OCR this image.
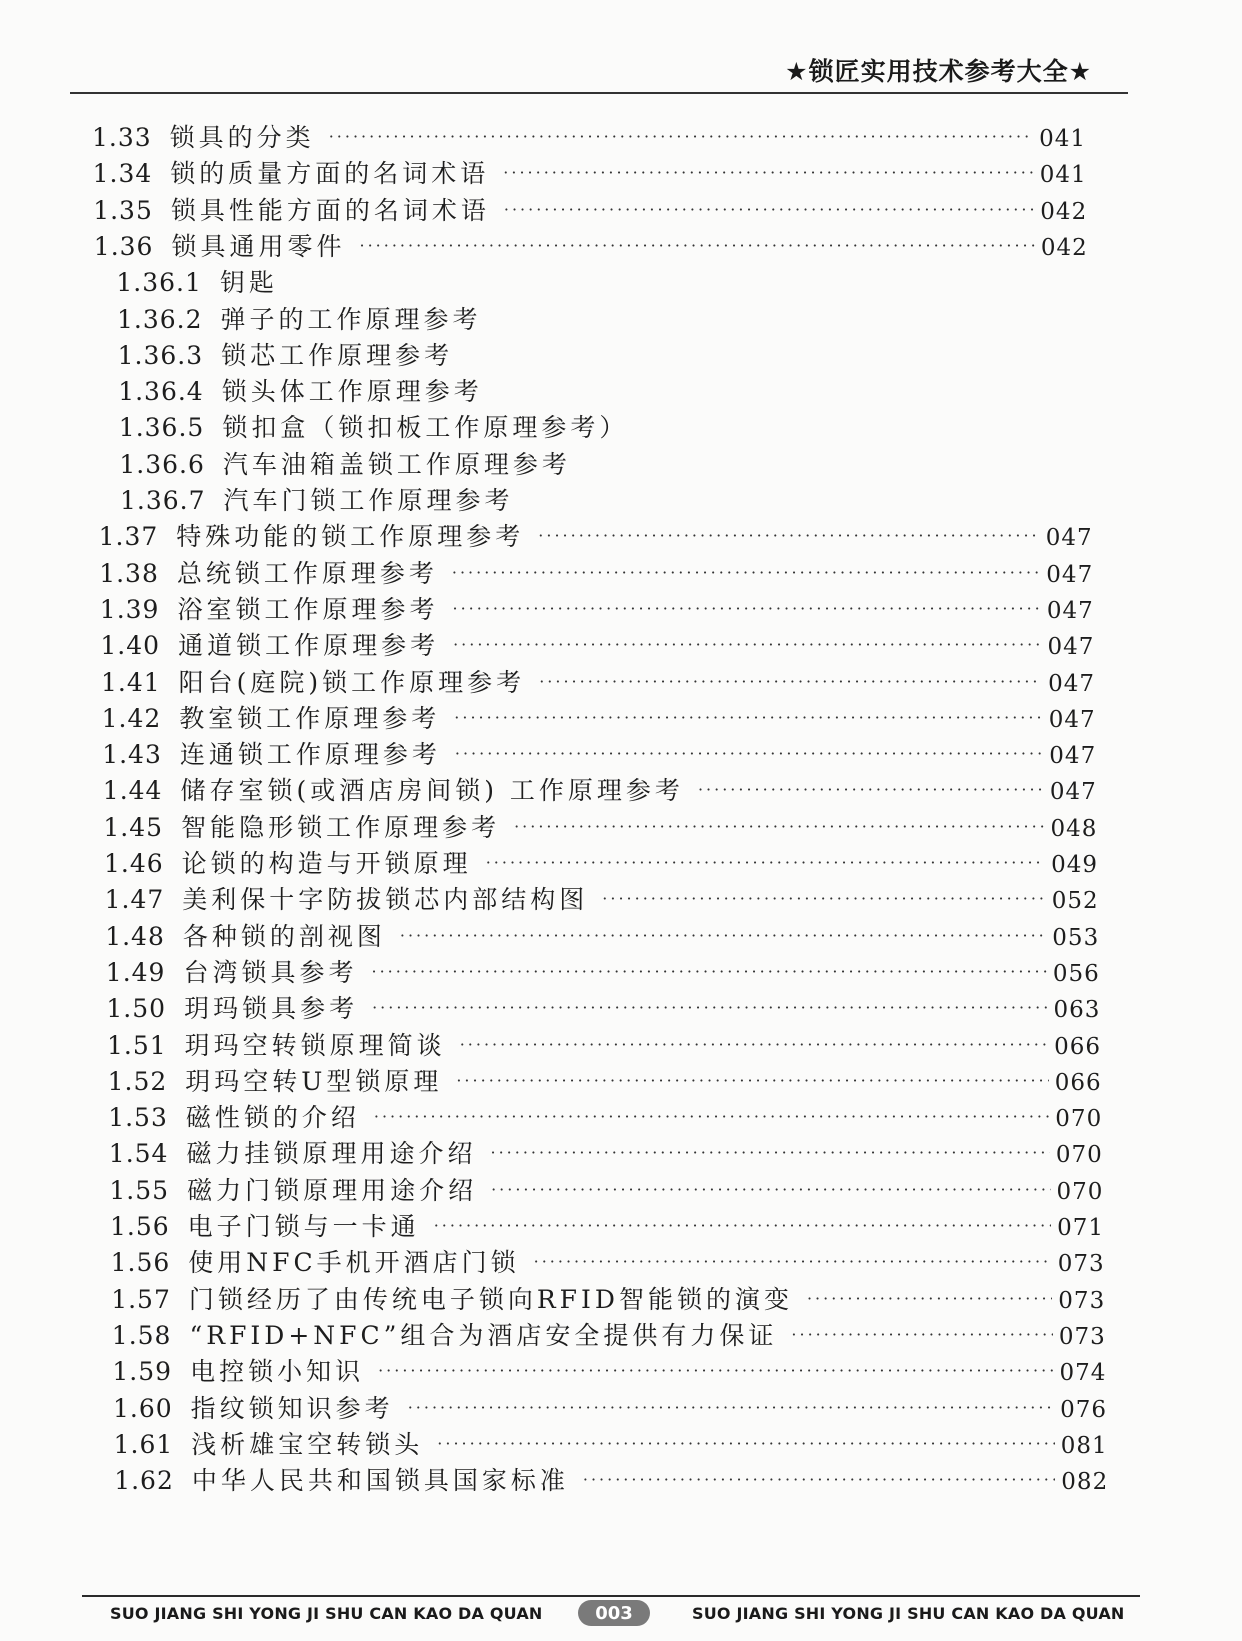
★锁匠实用技术参考大全★
1.33 锁具的分类 ·····	041
1.34 锁的质量方面的名词术语 ·····	041
1.35 锁具性能方面的名词术语 ·····	042
1.36 锁具通用零件 ·····	042
1.36.1 钥匙
1.36.2 弹子的工作原理参考
1.36.3 锁芯工作原理参考
1.36.4 锁头体工作原理参考
1.36.5 锁扣盒（锁扣板工作原理参考）
1.36.6 汽车油箱盖锁工作原理参考
1.36.7 汽车门锁工作原理参考
1.37 特殊功能的锁工作原理参考 ·····	047
1.38 总统锁工作原理参考 ·····	047
1.39 浴室锁工作原理参考 ·····	047
1.40 通道锁工作原理参考 ·····	047
1.41 阳台(庭院)锁工作原理参考 ·····	047
1.42 教室锁工作原理参考 ·····	047
1.43 连通锁工作原理参考 ·····	047
1.44 储存室锁(或酒店房间锁) 工作原理参考 ·····	047
1.45 智能隐形锁工作原理参考 ·····	048
1.46 论锁的构造与开锁原理 ·····	049
1.47 美利保十字防拔锁芯内部结构图 ·····	052
1.48 各种锁的剖视图 ·····	053
1.49 台湾锁具参考 ·····	056
1.50 玥玛锁具参考 ·····	063
1.51 玥玛空转锁原理简谈 ·····	066
1.52 玥玛空转U型锁原理 ·····	066
1.53 磁性锁的介绍 ·····	070
1.54 磁力挂锁原理用途介绍 ·····	070
1.55 磁力门锁原理用途介绍 ·····	070
1.56 电子门锁与一卡通 ·····	071
1.56 使用NFC手机开酒店门锁 ·····	073
1.57 门锁经历了由传统电子锁向RFID智能锁的演变 ·····	073
1.58 “RFID+NFC”组合为酒店安全提供有力保证 ·····	073
1.59 电控锁小知识 ·····	074
1.60 指纹锁知识参考 ·····	076
1.61 浅析雄宝空转锁头 ·····	081
1.62 中华人民共和国锁具国家标准 ·····	082
SUO JIANG SHI YONG JI SHU CAN KAO DA QUAN	003	SUO JIANG SHI YONG JI SHU CAN KAO DA QUAN
